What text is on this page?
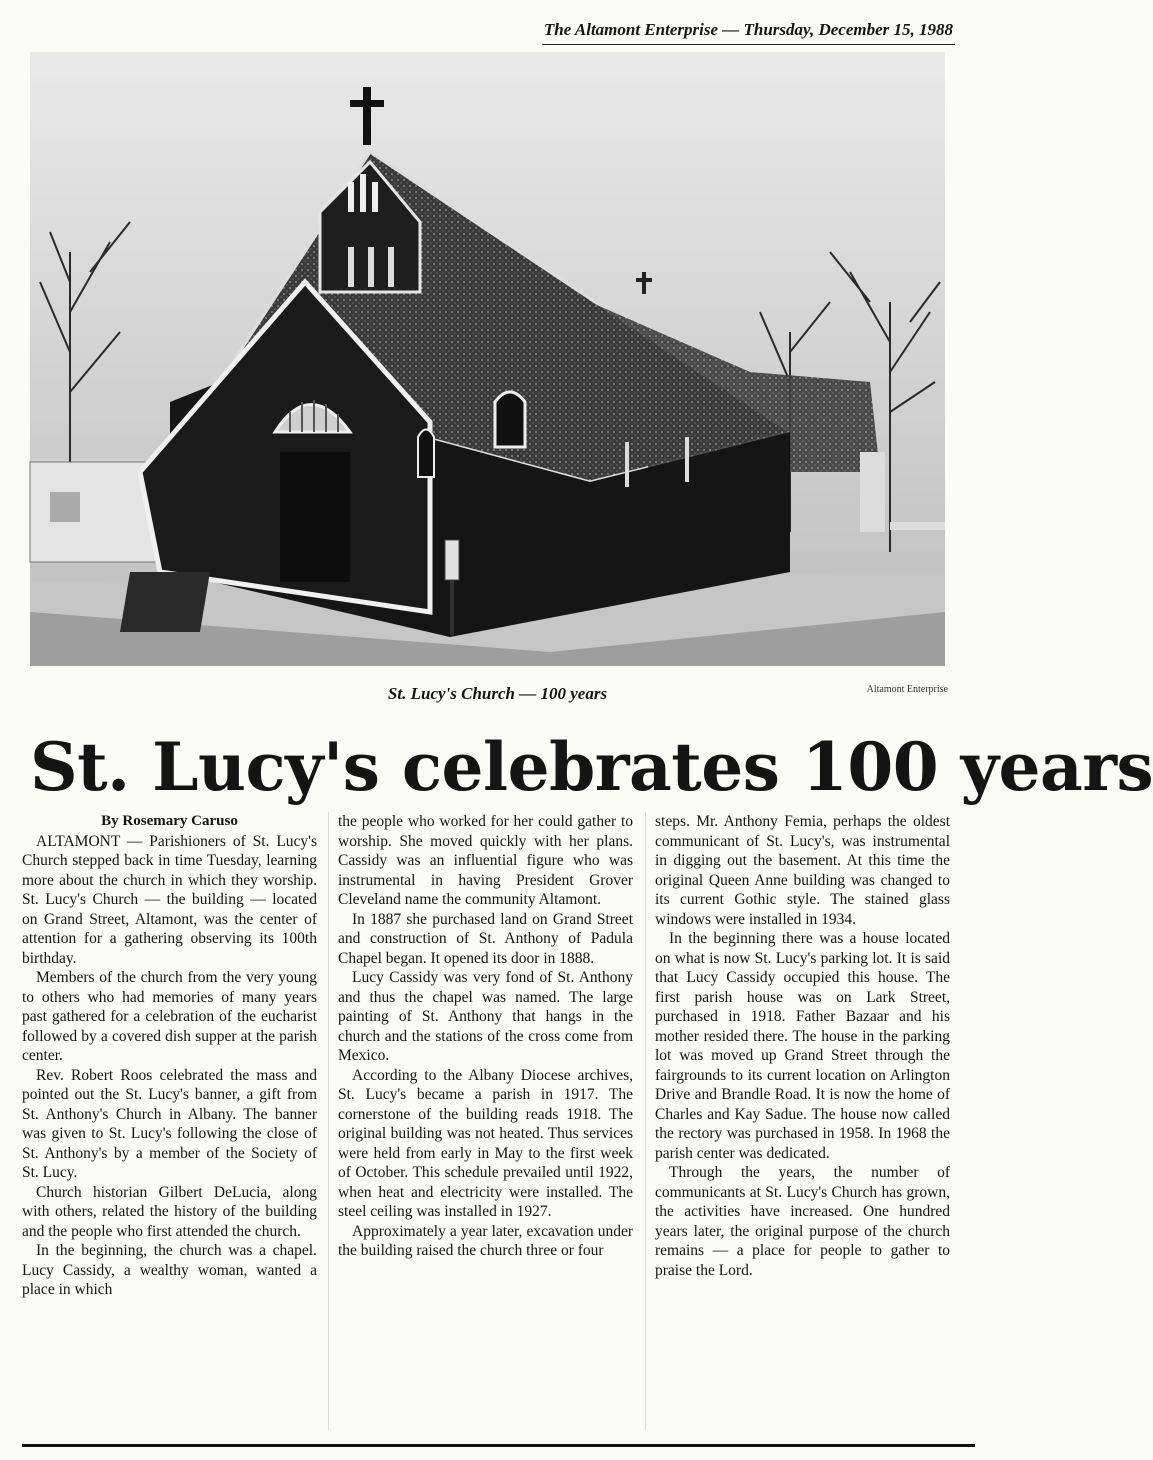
The Altamont Enterprise — Thursday, December 15, 1988
St. Lucy's Church — 100 years	Altamont Enterprise
St. Lucy's celebrates 100 years
By Rosemary Caruso

ALTAMONT — Parishioners of St. Lucy's Church stepped back in time Tuesday, learning more about the church in which they worship. St. Lucy's Church — the building — located on Grand Street, Altamont, was the center of attention for a gathering observing its 100th birthday.

Members of the church from the very young to others who had memories of many years past gathered for a celebration of the eucharist followed by a covered dish supper at the parish center.

Rev. Robert Roos celebrated the mass and pointed out the St. Lucy's banner, a gift from St. Anthony's Church in Albany. The banner was given to St. Lucy's following the close of St. Anthony's by a member of the Society of St. Lucy.

Church historian Gilbert DeLucia, along with others, related the history of the building and the people who first attended the church.

In the beginning, the church was a chapel. Lucy Cassidy, a wealthy woman, wanted a place in which

the people who worked for her could gather to worship. She moved quickly with her plans. Cassidy was an influential figure who was instrumental in having President Grover Cleveland name the community Altamont.

In 1887 she purchased land on Grand Street and construction of St. Anthony of Padula Chapel began. It opened its door in 1888.

Lucy Cassidy was very fond of St. Anthony and thus the chapel was named. The large painting of St. Anthony that hangs in the church and the stations of the cross come from Mexico.

According to the Albany Diocese archives, St. Lucy's became a parish in 1917. The cornerstone of the building reads 1918. The original building was not heated. Thus services were held from early in May to the first week of October. This schedule prevailed until 1922, when heat and electricity were installed. The steel ceiling was installed in 1927.

Approximately a year later, excavation under the building raised the church three or four

steps. Mr. Anthony Femia, perhaps the oldest communicant of St. Lucy's, was instrumental in digging out the basement. At this time the original Queen Anne building was changed to its current Gothic style. The stained glass windows were installed in 1934.

In the beginning there was a house located on what is now St. Lucy's parking lot. It is said that Lucy Cassidy occupied this house. The first parish house was on Lark Street, purchased in 1918. Father Bazaar and his mother resided there. The house in the parking lot was moved up Grand Street through the fairgrounds to its current location on Arlington Drive and Brandle Road. It is now the home of Charles and Kay Sadue. The house now called the rectory was purchased in 1958. In 1968 the parish center was dedicated.

Through the years, the number of communicants at St. Lucy's Church has grown, the activities have increased. One hundred years later, the original purpose of the church remains — a place for people to gather to praise the Lord.
